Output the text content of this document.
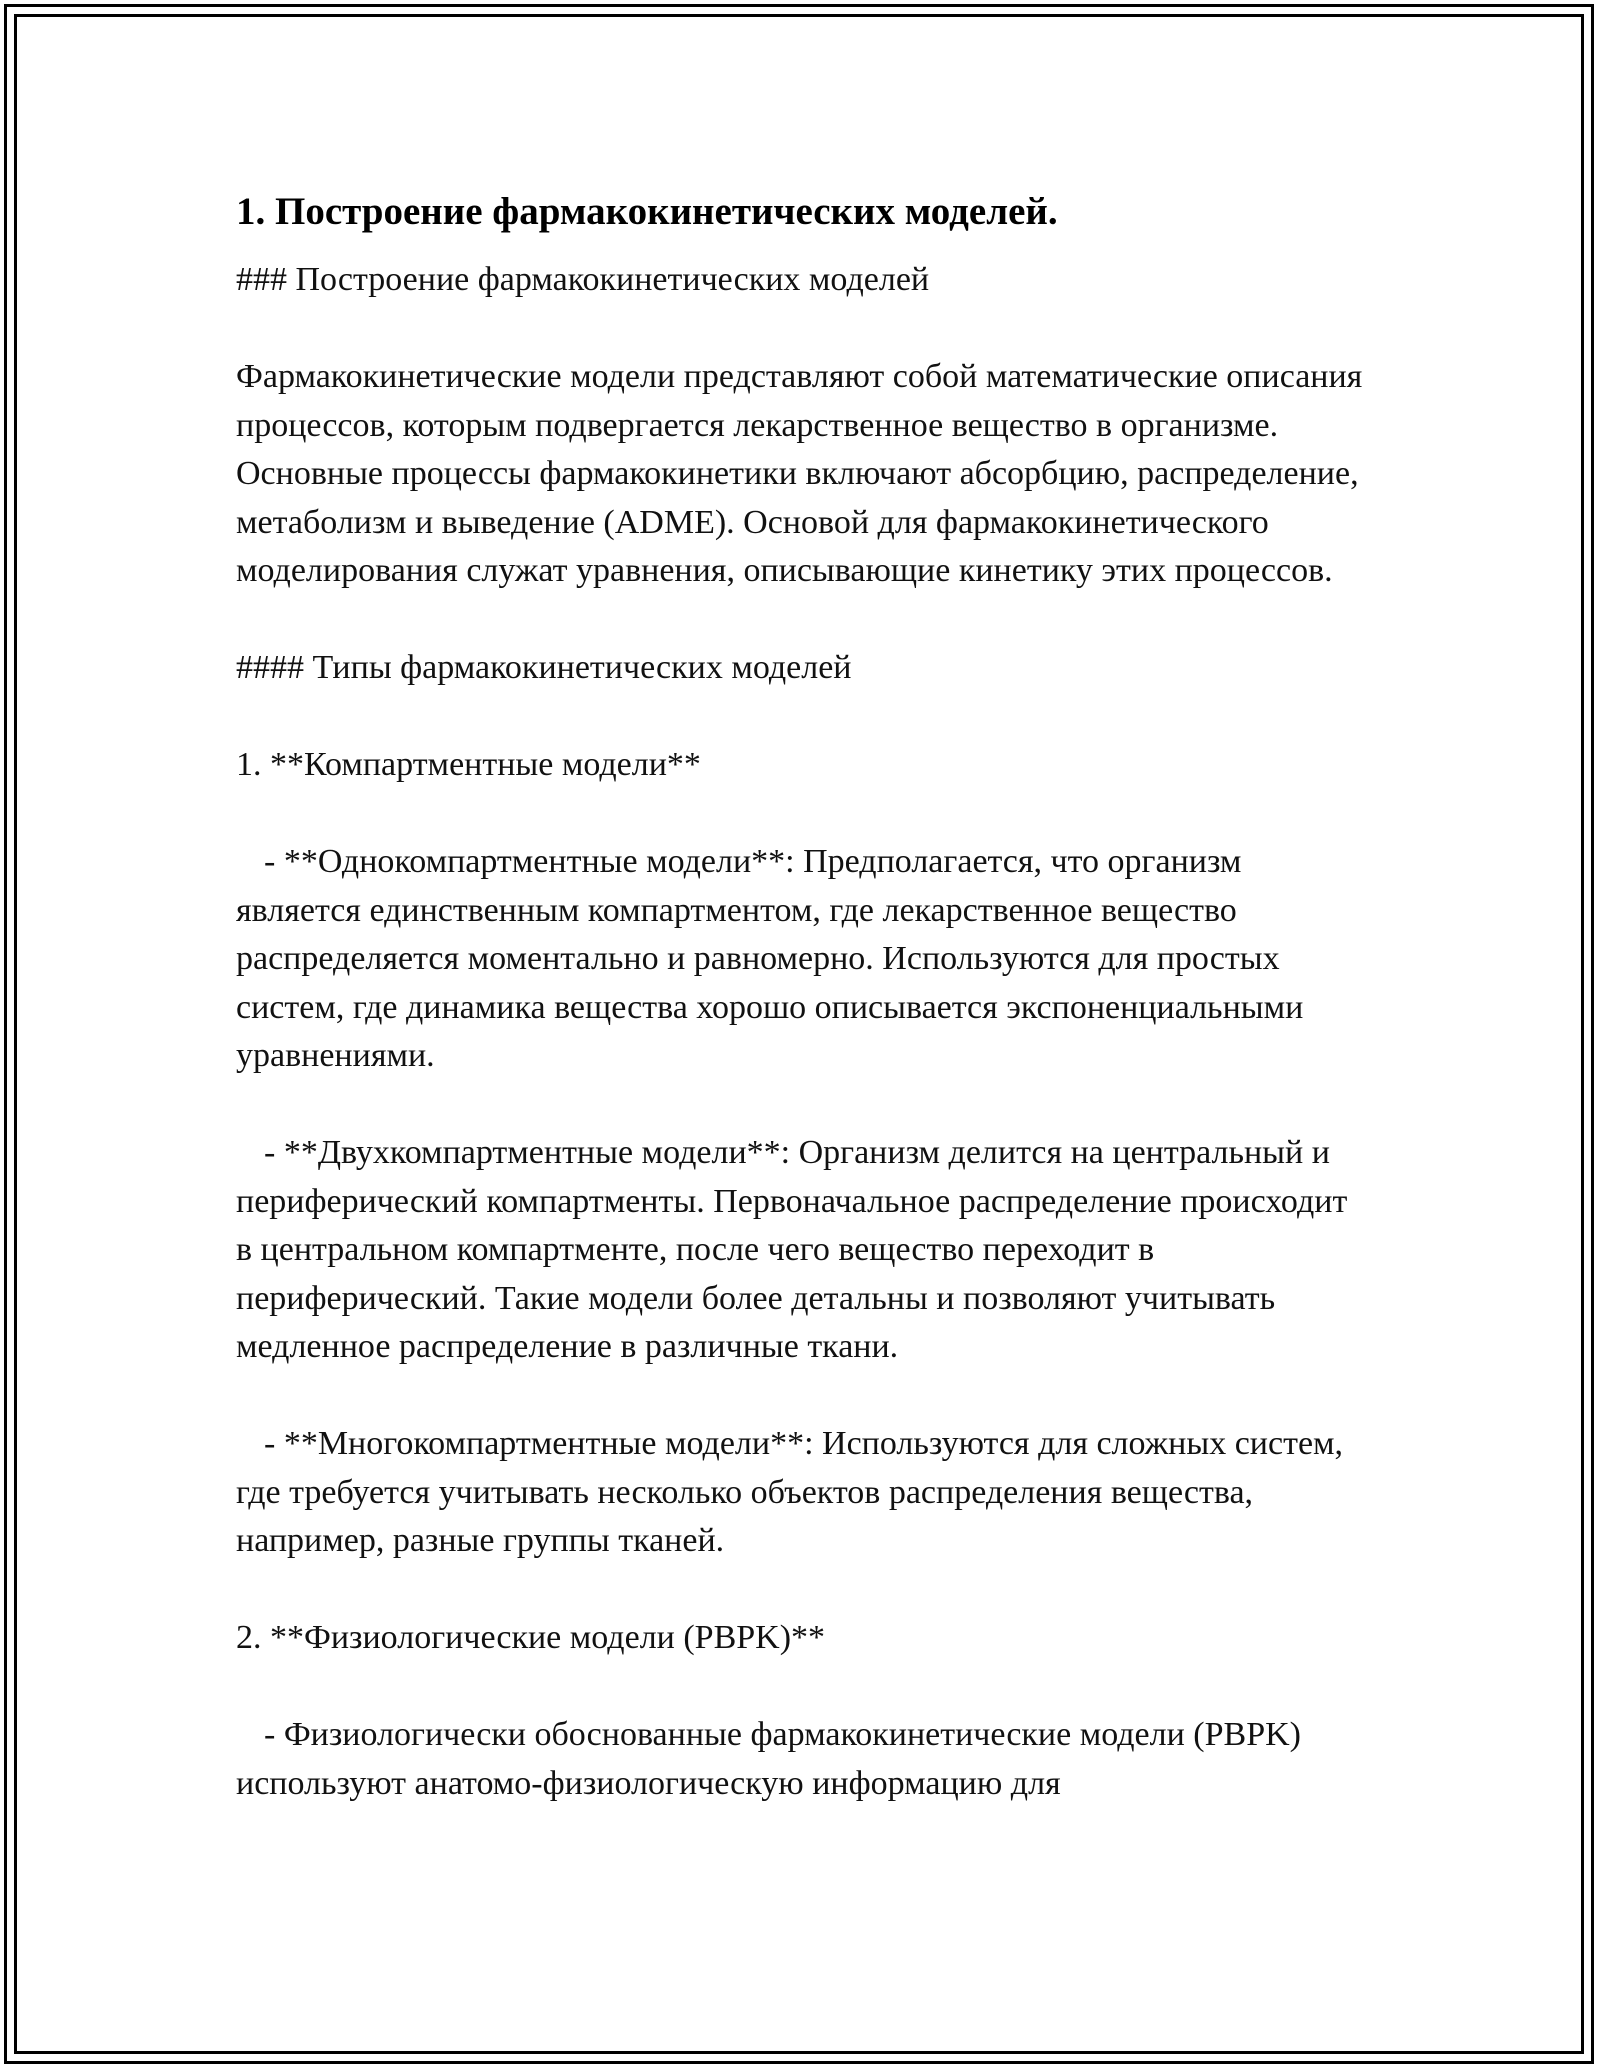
1. Построение фармакокинетических моделей.

### Построение фармакокинетических моделей

Фармакокинетические модели представляют собой математические описания процессов, которым подвергается лекарственное вещество в организме. Основные процессы фармакокинетики включают абсорбцию, распределение, метаболизм и выведение (ADME). Основой для фармакокинетического моделирования служат уравнения, описывающие кинетику этих процессов.

#### Типы фармакокинетических моделей

1. **Компартментные модели**

- **Однокомпартментные модели**: Предполагается, что организм является единственным компартментом, где лекарственное вещество распределяется моментально и равномерно. Используются для простых систем, где динамика вещества хорошо описывается экспоненциальными уравнениями.

- **Двухкомпартментные модели**: Организм делится на центральный и периферический компартменты. Первоначальное распределение происходит в центральном компартменте, после чего вещество переходит в периферический. Такие модели более детальны и позволяют учитывать медленное распределение в различные ткани.

- **Многокомпартментные модели**: Используются для сложных систем, где требуется учитывать несколько объектов распределения вещества, например, разные группы тканей.

2. **Физиологические модели (PBPK)**

- Физиологически обоснованные фармакокинетические модели (PBPK) используют анатомо-физиологическую информацию для
